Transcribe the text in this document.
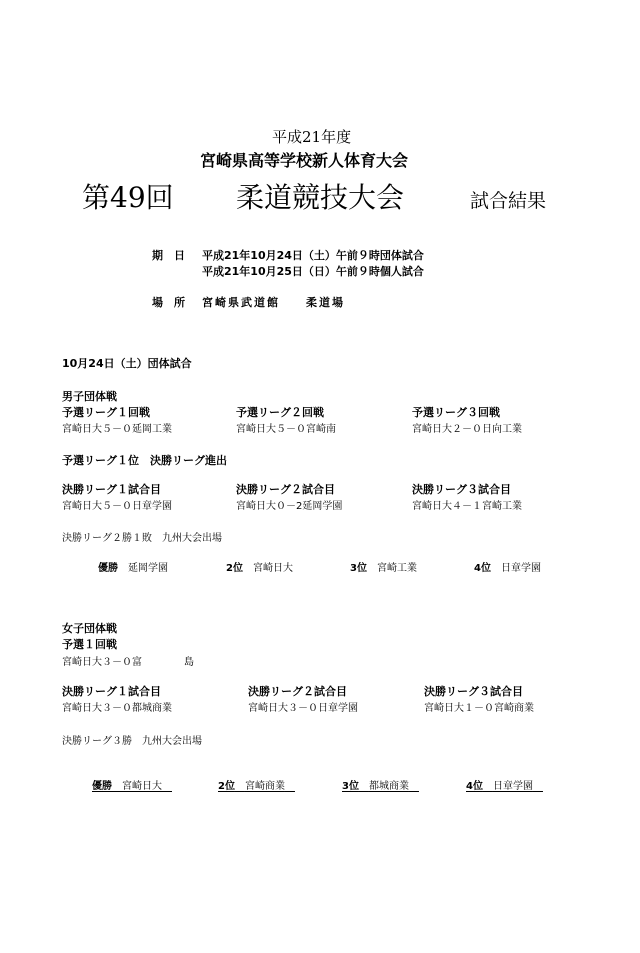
平成21年度
宮崎県高等学校新人体育大会
第49回 柔道競技大会	試合結果
期　日 平成21年10月24日（土）午前９時団体試合
平成21年10月25日（日）午前９時個人試合
場　所 宮崎県武道館　　柔道場
10月24日（土）団体試合
男子団体戦
予選リーグ１回戦
宮崎日大５－０延岡工業
予選リーグ２回戦
宮崎日大５－０宮崎南
予選リーグ３回戦
宮崎日大２－０日向工業
予選リーグ１位　決勝リーグ進出
決勝リーグ１試合目
宮崎日大５－０日章学園
決勝リーグ２試合目
宮崎日大０－2延岡学園
決勝リーグ３試合目
宮崎日大４－１宮崎工業
決勝リーグ２勝１敗　九州大会出場
優勝　 延岡学園	2位　 宮崎日大	3位　 宮崎工業	4位　 日章学園
女子団体戦
予選１回戦
宮崎日大３－０富	島
決勝リーグ１試合目
宮崎日大３－０都城商業
決勝リーグ２試合目
宮崎日大３－０日章学園
決勝リーグ３試合目
宮崎日大１－０宮崎商業
決勝リーグ３勝　九州大会出場
優勝　 宮崎日大　	2位　 宮崎商業　	3位　 都城商業　	4位　 日章学園　
